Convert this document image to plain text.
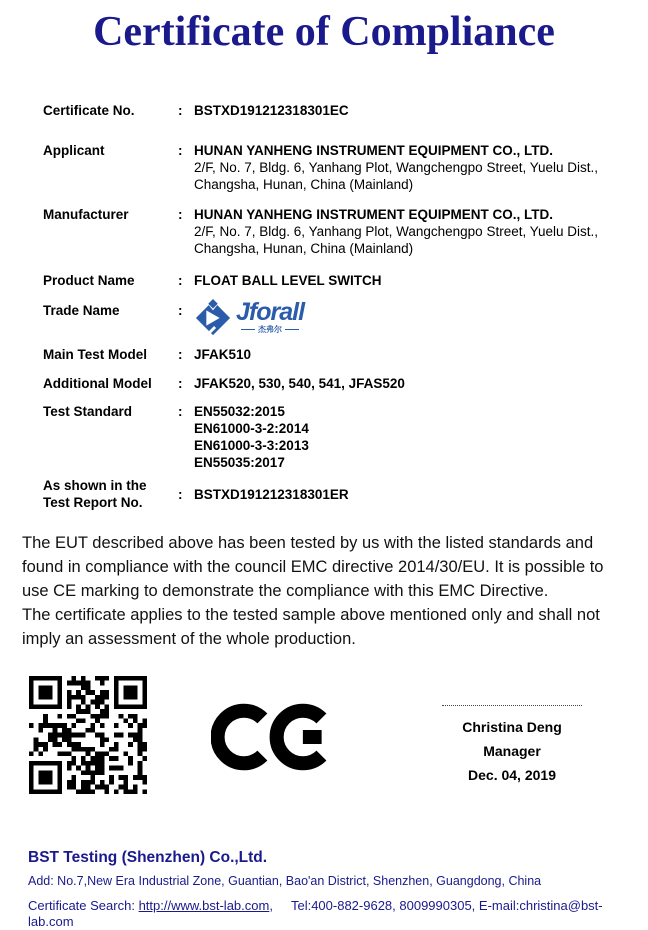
Certificate of Compliance
Certificate No.	: BSTXD191212318301EC
Applicant	: HUNAN YANHENG INSTRUMENT EQUIPMENT CO., LTD.
2/F, No. 7, Bldg. 6, Yanhang Plot, Wangchengpo Street, Yuelu Dist.,
Changsha, Hunan, China (Mainland)
Manufacturer	: HUNAN YANHENG INSTRUMENT EQUIPMENT CO., LTD.
2/F, No. 7, Bldg. 6, Yanhang Plot, Wangchengpo Street, Yuelu Dist.,
Changsha, Hunan, China (Mainland)
Product Name	: FLOAT BALL LEVEL SWITCH
Trade Name	:	Jforall
杰弗尔
Main Test Model	: JFAK510
Additional Model	: JFAK520, 530, 540, 541, JFAS520
Test Standard	: EN55032:2015
EN61000-3-2:2014
EN61000-3-3:2013
EN55035:2017
As shown in the
Test Report No.
: BSTXD191212318301ER
The EUT described above has been tested by us with the listed standards and found in compliance with the council EMC directive 2014/30/EU. It is possible to use CE marking to demonstrate the compliance with this EMC Directive.
The certificate applies to the tested sample above mentioned only and shall not imply an assessment of the whole production.
Christina Deng
Manager
Dec. 04, 2019
BST Testing (Shenzhen) Co.,Ltd.
Add: No.7,New Era Industrial Zone, Guantian, Bao'an District, Shenzhen, Guangdong, China
Certificate Search: http://www.bst-lab.com, Tel:400-882-9628, 8009990305, E-mail:christina@bst-lab.com
